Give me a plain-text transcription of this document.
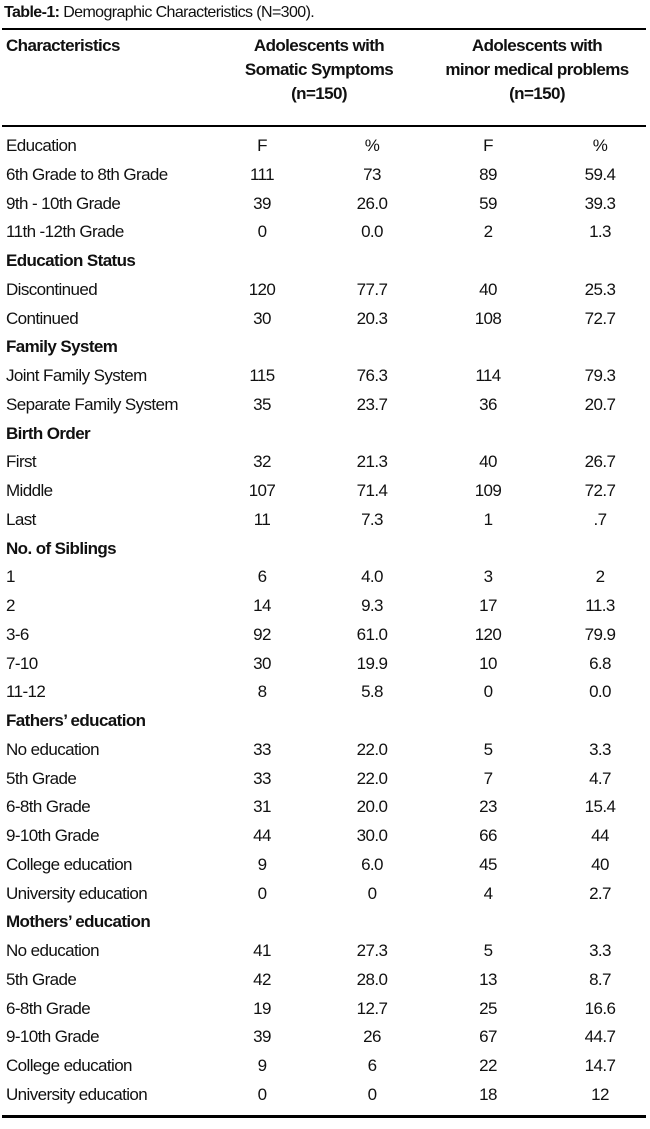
Table-1: Demographic Characteristics (N=300).
Characteristics	Adolescents with
Somatic Symptoms
(n=150)
Adolescents with
minor medical problems
(n=150)
Education	F	%	F	%
6th Grade to 8th Grade	111	73	89	59.4
9th - 10th Grade	39	26.0	59	39.3
11th -12th Grade	0	0.0	2	1.3
Education Status
Discontinued	120	77.7	40	25.3
Continued	30	20.3	108	72.7
Family System
Joint Family System	115	76.3	114	79.3
Separate Family System	35	23.7	36	20.7
Birth Order
First	32	21.3	40	26.7
Middle	107	71.4	109	72.7
Last	11	7.3	1	.7
No. of Siblings
1	6	4.0	3	2
2	14	9.3	17	11.3
3-6	92	61.0	120	79.9
7-10	30	19.9	10	6.8
11-12	8	5.8	0	0.0
Fathers’ education
No education	33	22.0	5	3.3
5th Grade	33	22.0	7	4.7
6-8th Grade	31	20.0	23	15.4
9-10th Grade	44	30.0	66	44
College education	9	6.0	45	40
University education	0	0	4	2.7
Mothers’ education
No education	41	27.3	5	3.3
5th Grade	42	28.0	13	8.7
6-8th Grade	19	12.7	25	16.6
9-10th Grade	39	26	67	44.7
College education	9	6	22	14.7
University education	0	0	18	12
